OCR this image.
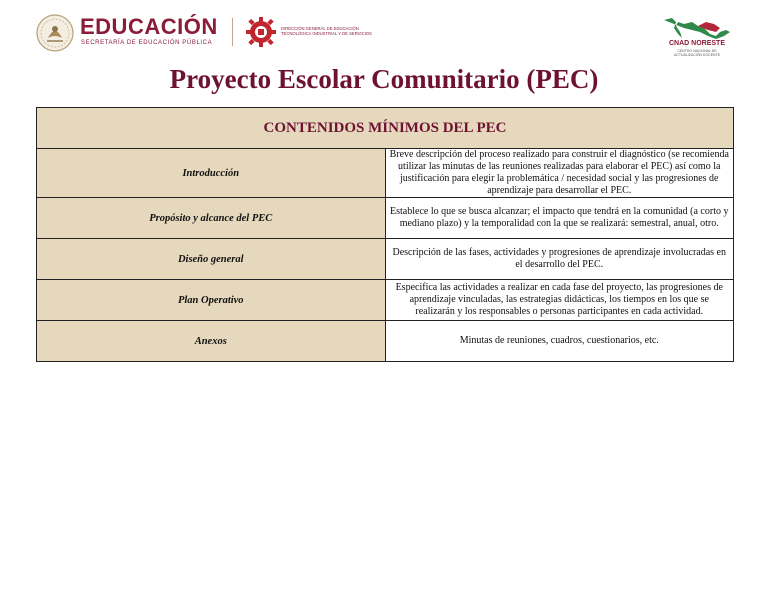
EDUCACIÓN
SECRETARÍA DE EDUCACIÓN PÚBLICA
DIRECCIÓN GENERAL DE EDUCACIÓN
TECNOLÓGICA INDUSTRIAL Y DE SERVICIOS
CNAD NORESTE
CENTRO NACIONAL DE
ACTUALIZACIÓN DOCENTE
Proyecto Escolar Comunitario (PEC)
CONTENIDOS MÍNIMOS DEL PEC	
Introducción	Breve descripción del proceso realizado para construir el diagnóstico (se recomienda utilizar las minutas de las reuniones realizadas para elaborar el PEC) así como la justificación para elegir la problemática / necesidad social y las progresiones de aprendizaje para desarrollar el PEC.
Propósito y alcance del PEC	Establece lo que se busca alcanzar; el impacto que tendrá en la comunidad (a corto y mediano plazo) y la temporalidad con la que se realizará: semestral, anual, otro.
Diseño general	Descripción de las fases, actividades y progresiones de aprendizaje involucradas en el desarrollo del PEC.
Plan Operativo	Especifica las actividades a realizar en cada fase del proyecto, las progresiones de aprendizaje vinculadas, las estrategias didácticas, los tiempos en los que se realizarán y los responsables o personas participantes en cada actividad.
Anexos	Minutas de reuniones, cuadros, cuestionarios, etc.
